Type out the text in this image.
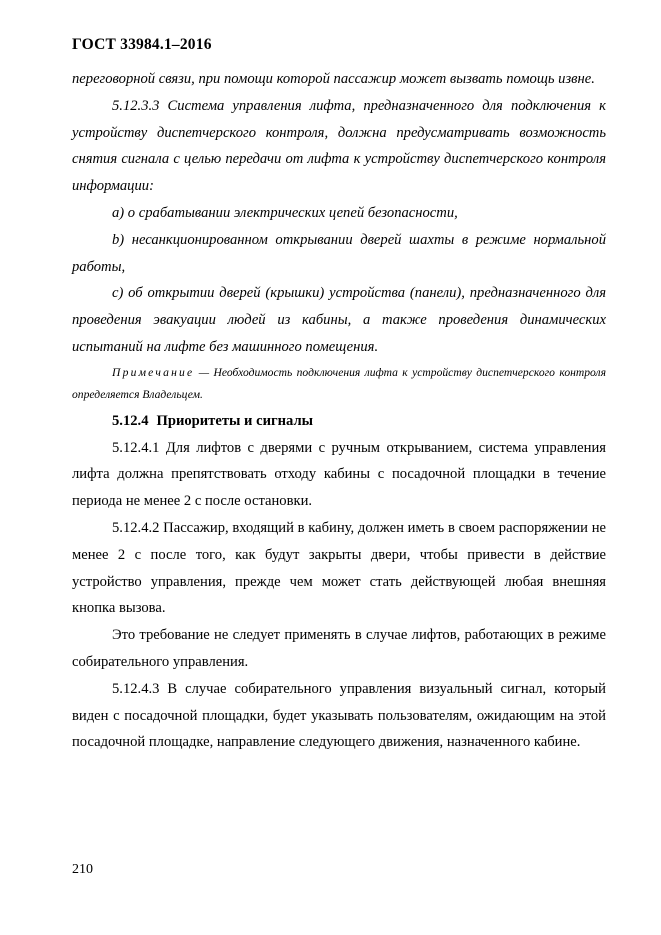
ГОСТ 33984.1–2016

переговорной связи, при помощи которой пассажир может вызвать помощь извне.

5.12.3.3 Система управления лифта, предназначенного для подключения к устройству диспетчерского контроля, должна предусматривать возможность снятия сигнала с целью передачи от лифта к устройству диспетчерского контроля информации:

а) о срабатывании электрических цепей безопасности,

b) несанкционированном открывании дверей шахты в режиме нормальной работы,

с) об открытии дверей (крышки) устройства (панели), предназначенного для проведения эвакуации людей из кабины, а также проведения динамических испытаний на лифте без машинного помещения.

Примечание — Необходимость подключения лифта к устройству диспетчерского контроля определяется Владельцем.

5.12.4 Приоритеты и сигналы

5.12.4.1 Для лифтов с дверями с ручным открыванием, система управления лифта должна препятствовать отходу кабины с посадочной площадки в течение периода не менее 2 с после остановки.

5.12.4.2 Пассажир, входящий в кабину, должен иметь в своем распоряжении не менее 2 с после того, как будут закрыты двери, чтобы привести в действие устройство управления, прежде чем может стать действующей любая внешняя кнопка вызова.

Это требование не следует применять в случае лифтов, работающих в режиме собирательного управления.

5.12.4.3 В случае собирательного управления визуальный сигнал, который виден с посадочной площадки, будет указывать пользователям, ожидающим на этой посадочной площадке, направление следующего движения, назначенного кабине.

210
